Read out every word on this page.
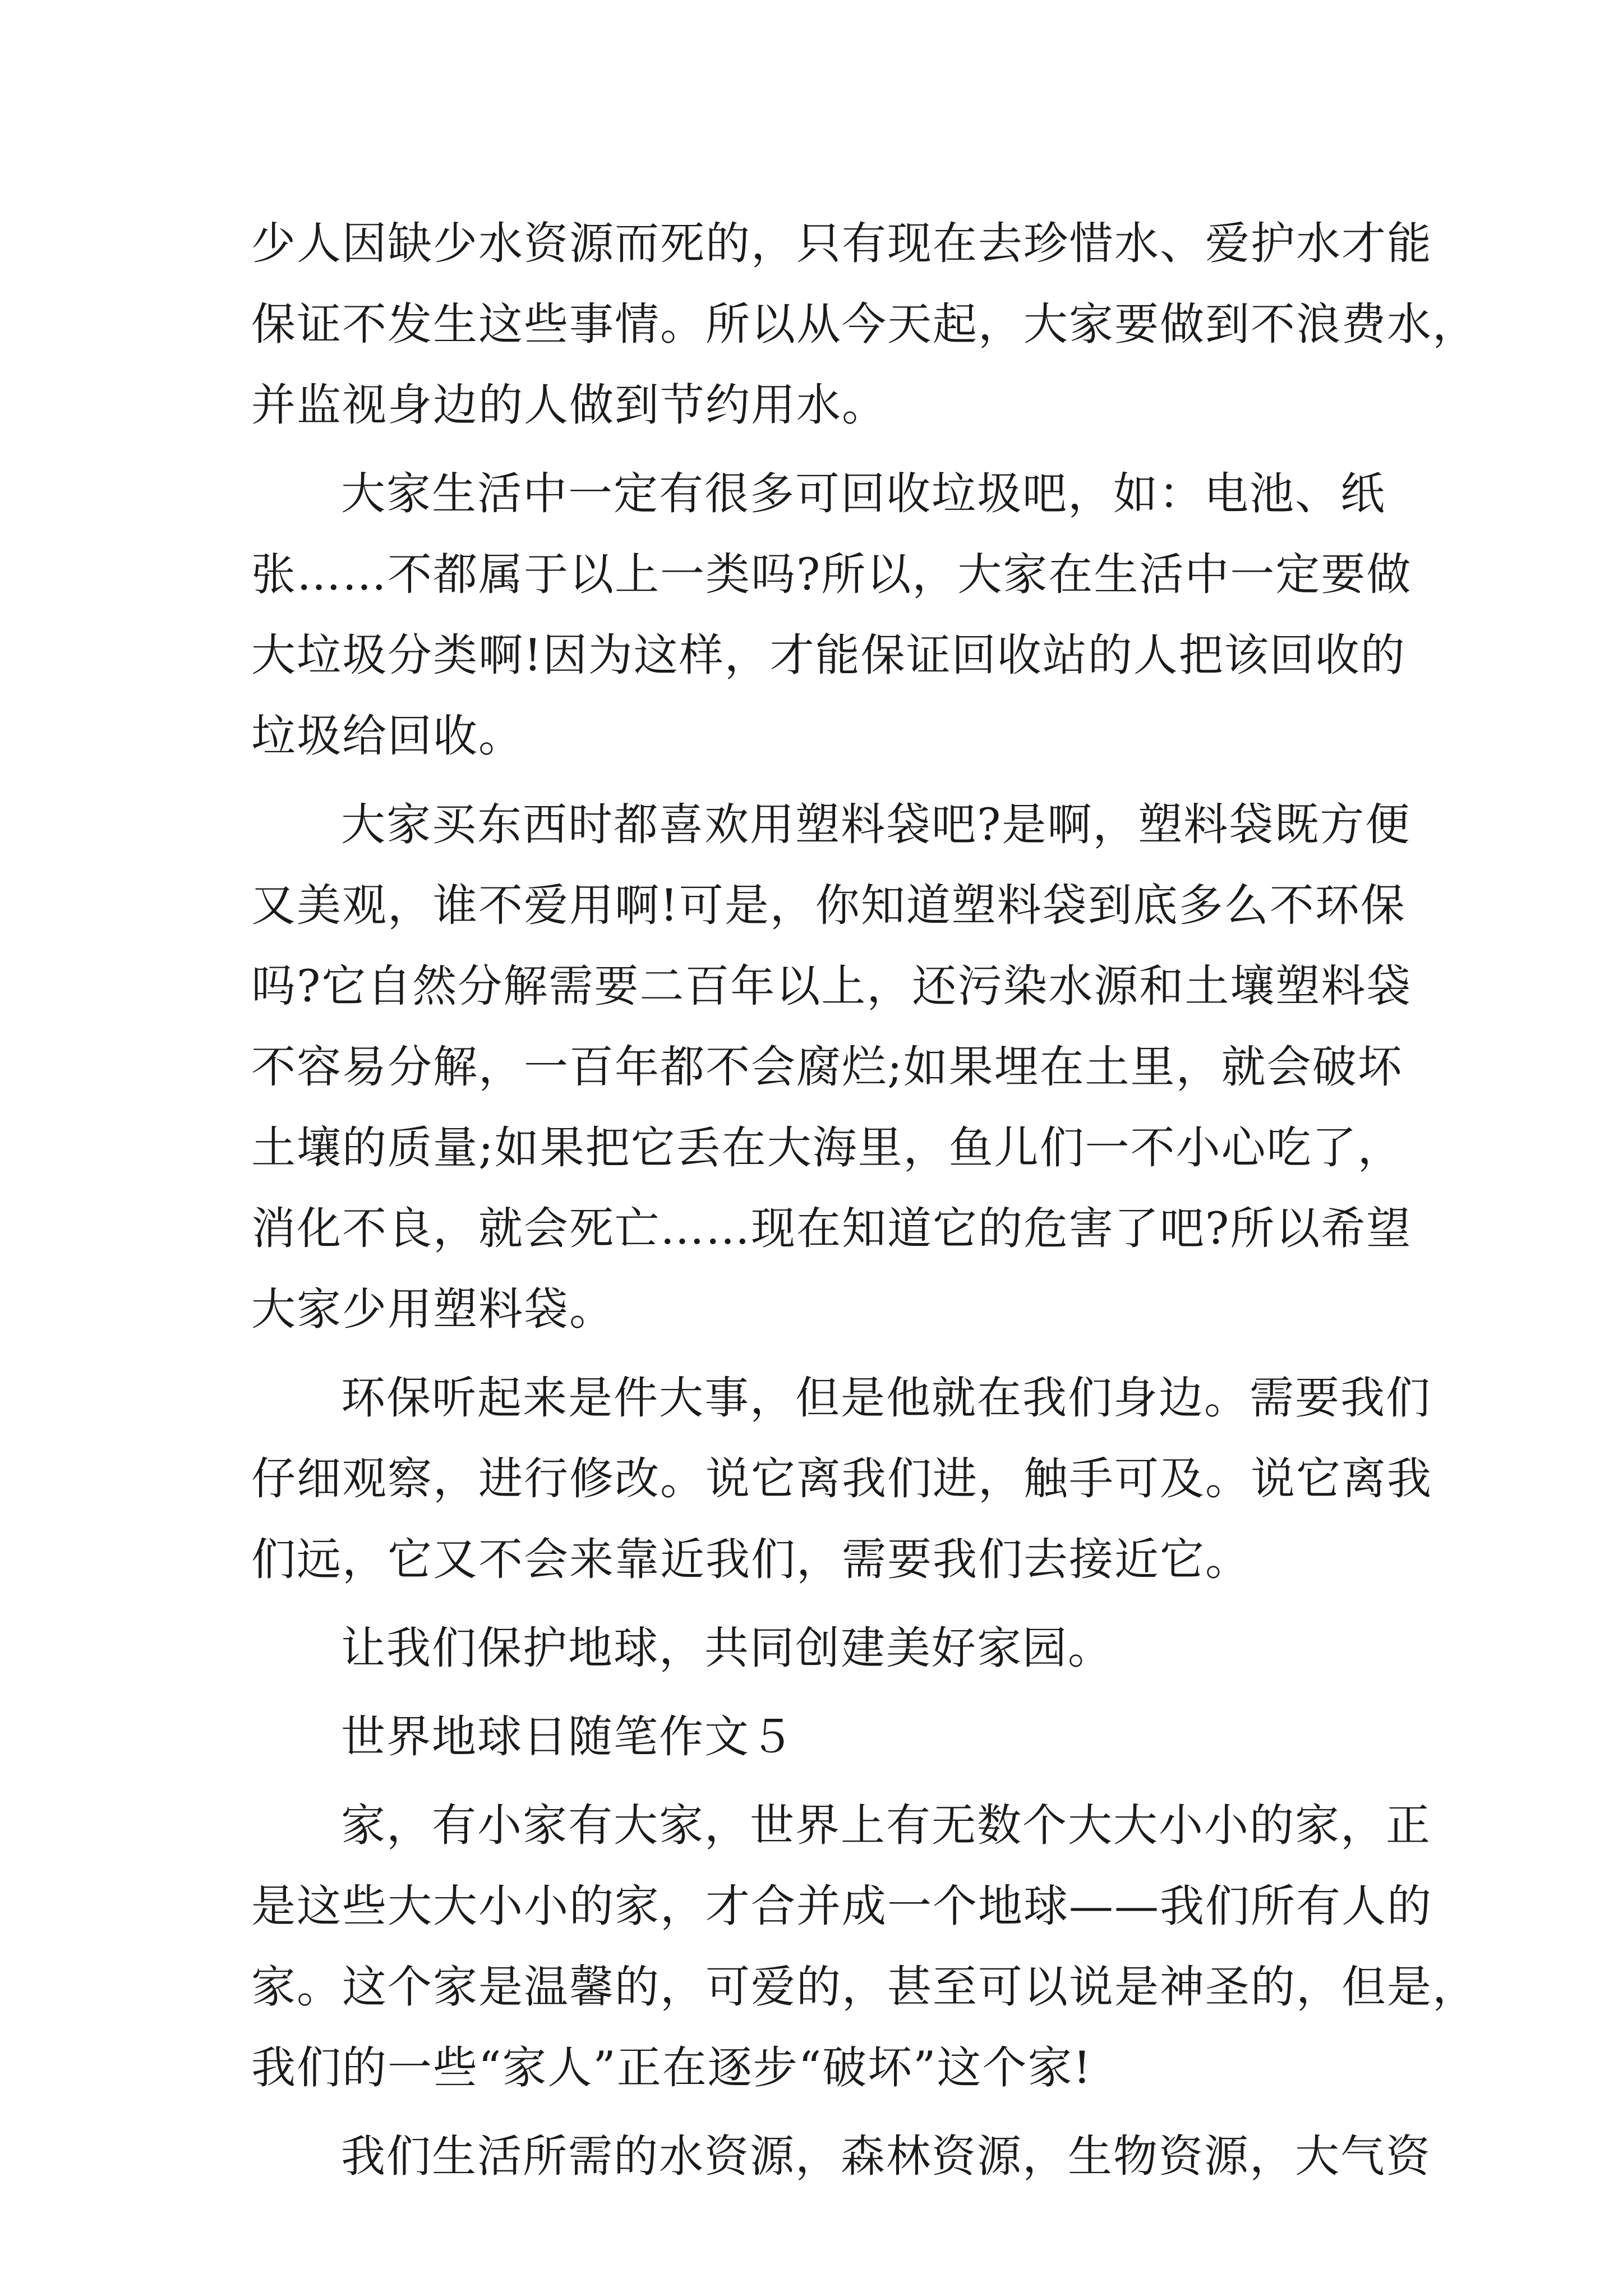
少人因缺少水资源而死的，只有现在去珍惜水、爱护水才能
保证不发生这些事情。所以从今天起，大家要做到不浪费水，
并监视身边的人做到节约用水。
大家生活中一定有很多可回收垃圾吧，如：电池、纸
张……不都属于以上一类吗?所以，大家在生活中一定要做
大垃圾分类啊!因为这样，才能保证回收站的人把该回收的
垃圾给回收。
大家买东西时都喜欢用塑料袋吧?是啊，塑料袋既方便
又美观，谁不爱用啊!可是，你知道塑料袋到底多么不环保
吗?它自然分解需要二百年以上，还污染水源和土壤塑料袋
不容易分解，一百年都不会腐烂;如果埋在土里，就会破坏
土壤的质量;如果把它丢在大海里，鱼儿们一不小心吃了，
消化不良，就会死亡……现在知道它的危害了吧?所以希望
大家少用塑料袋。
环保听起来是件大事，但是他就在我们身边。需要我们
仔细观察，进行修改。说它离我们进，触手可及。说它离我
们远，它又不会来靠近我们，需要我们去接近它。
让我们保护地球，共同创建美好家园。
世界地球日随笔作文５
家，有小家有大家，世界上有无数个大大小小的家，正
是这些大大小小的家，才合并成一个地球——我们所有人的
家。这个家是温馨的，可爱的，甚至可以说是神圣的，但是，
我们的一些“家人”正在逐步“破坏”这个家!
我们生活所需的水资源，森林资源，生物资源，大气资
